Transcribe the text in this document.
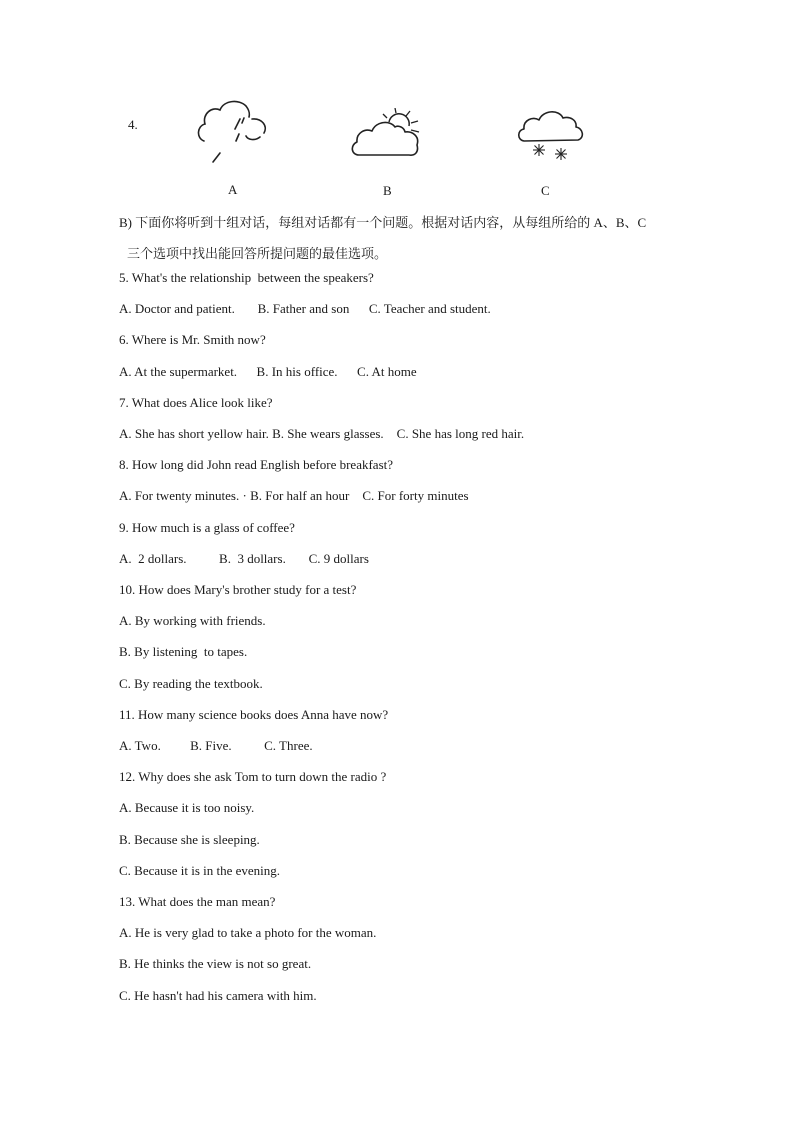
4.
A	B	C
B) 下面你将听到十组对话，每组对话都有一个问题。根据对话内容，从每组所给的 A、B、C
三个选项中找出能回答所提问题的最佳选项。
5. What's the relationship  between the speakers?
A. Doctor and patient.       B. Father and son      C. Teacher and student.
6. Where is Mr. Smith now?
A. At the supermarket.      B. In his office.      C. At home
7. What does Alice look like?
A. She has short yellow hair. B. She wears glasses.    C. She has long red hair.
8. How long did John read English before breakfast?
A. For twenty minutes. · B. For half an hour    C. For forty minutes
9. How much is a glass of coffee?
A.  2 dollars.          B.  3 dollars.       C. 9 dollars
10. How does Mary's brother study for a test?
A. By working with friends.
B. By listening  to tapes.
C. By reading the textbook.
11. How many science books does Anna have now?
A. Two.         B. Five.          C. Three.
12. Why does she ask Tom to turn down the radio ?
A. Because it is too noisy.
B. Because she is sleeping.
C. Because it is in the evening.
13. What does the man mean?
A. He is very glad to take a photo for the woman.
B. He thinks the view is not so great.
C. He hasn't had his camera with him.
